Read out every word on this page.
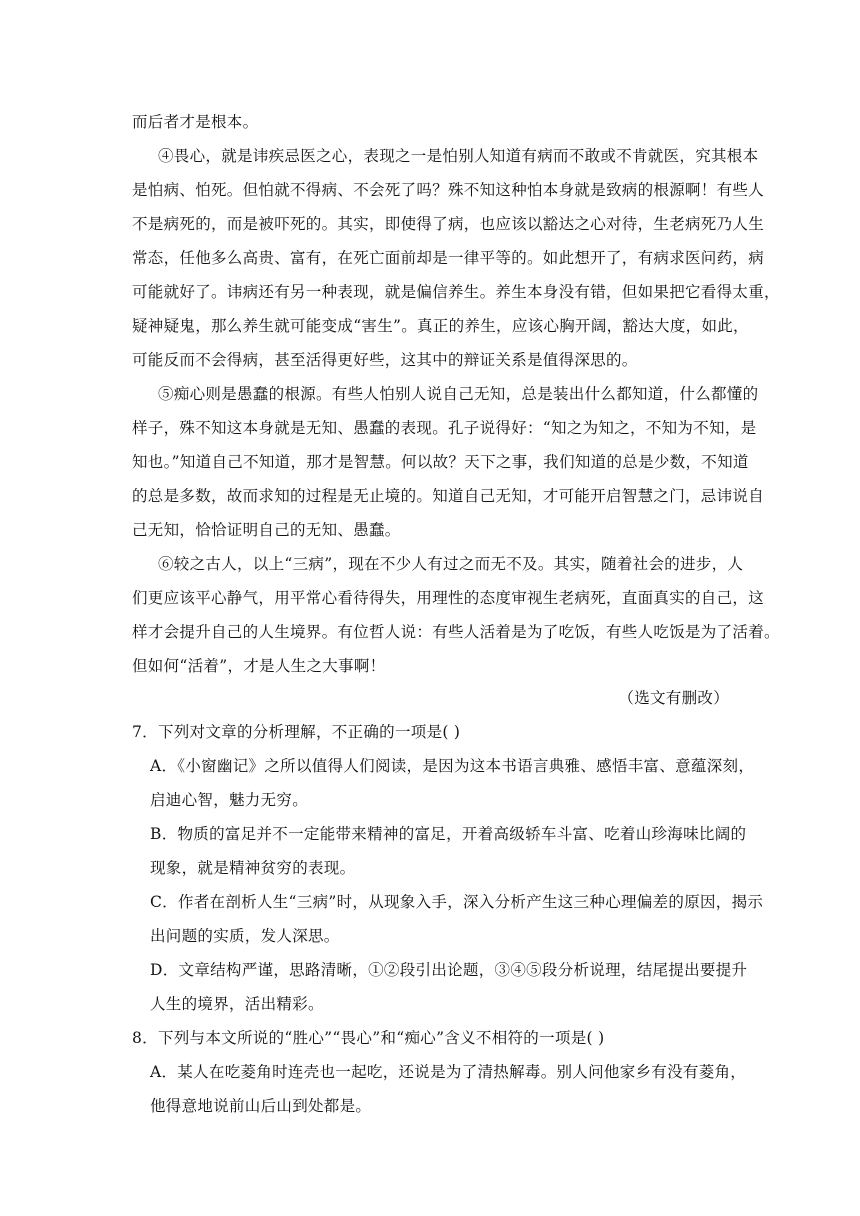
而后者才是根本。
④畏心，就是讳疾忌医之心，表现之一是怕别人知道有病而不敢或不肯就医，究其根本
是怕病、怕死。但怕就不得病、不会死了吗？殊不知这种怕本身就是致病的根源啊！有些人
不是病死的，而是被吓死的。其实，即使得了病，也应该以豁达之心对待，生老病死乃人生
常态，任他多么高贵、富有，在死亡面前却是一律平等的。如此想开了，有病求医问药，病
可能就好了。讳病还有另一种表现，就是偏信养生。养生本身没有错，但如果把它看得太重，
疑神疑鬼，那么养生就可能变成“害生”。真正的养生，应该心胸开阔，豁达大度，如此，
可能反而不会得病，甚至活得更好些，这其中的辩证关系是值得深思的。
⑤痴心则是愚蠢的根源。有些人怕别人说自己无知，总是装出什么都知道，什么都懂的
样子，殊不知这本身就是无知、愚蠢的表现。孔子说得好：“知之为知之，不知为不知，是
知也。”知道自己不知道，那才是智慧。何以故？天下之事，我们知道的总是少数，不知道
的总是多数，故而求知的过程是无止境的。知道自己无知，才可能开启智慧之门，忌讳说自
己无知，恰恰证明自己的无知、愚蠢。
⑥较之古人，以上“三病”，现在不少人有过之而无不及。其实，随着社会的进步，人
们更应该平心静气，用平常心看待得失，用理性的态度审视生老病死，直面真实的自己，这
样才会提升自己的人生境界。有位哲人说：有些人活着是为了吃饭，有些人吃饭是为了活着。
但如何“活着”，才是人生之大事啊！
（选文有删改）
7．下列对文章的分析理解，不正确的一项是( )
A．《小窗幽记》之所以值得人们阅读，是因为这本书语言典雅、感悟丰富、意蕴深刻，
启迪心智，魅力无穷。
B．物质的富足并不一定能带来精神的富足，开着高级轿车斗富、吃着山珍海味比阔的
现象，就是精神贫穷的表现。
C．作者在剖析人生“三病”时，从现象入手，深入分析产生这三种心理偏差的原因，揭示
出问题的实质，发人深思。
D．文章结构严谨，思路清晰，①②段引出论题，③④⑤段分析说理，结尾提出要提升
人生的境界，活出精彩。
8．下列与本文所说的“胜心”“畏心”和“痴心”含义不相符的一项是( )
A．某人在吃菱角时连壳也一起吃，还说是为了清热解毒。别人问他家乡有没有菱角，
他得意地说前山后山到处都是。
